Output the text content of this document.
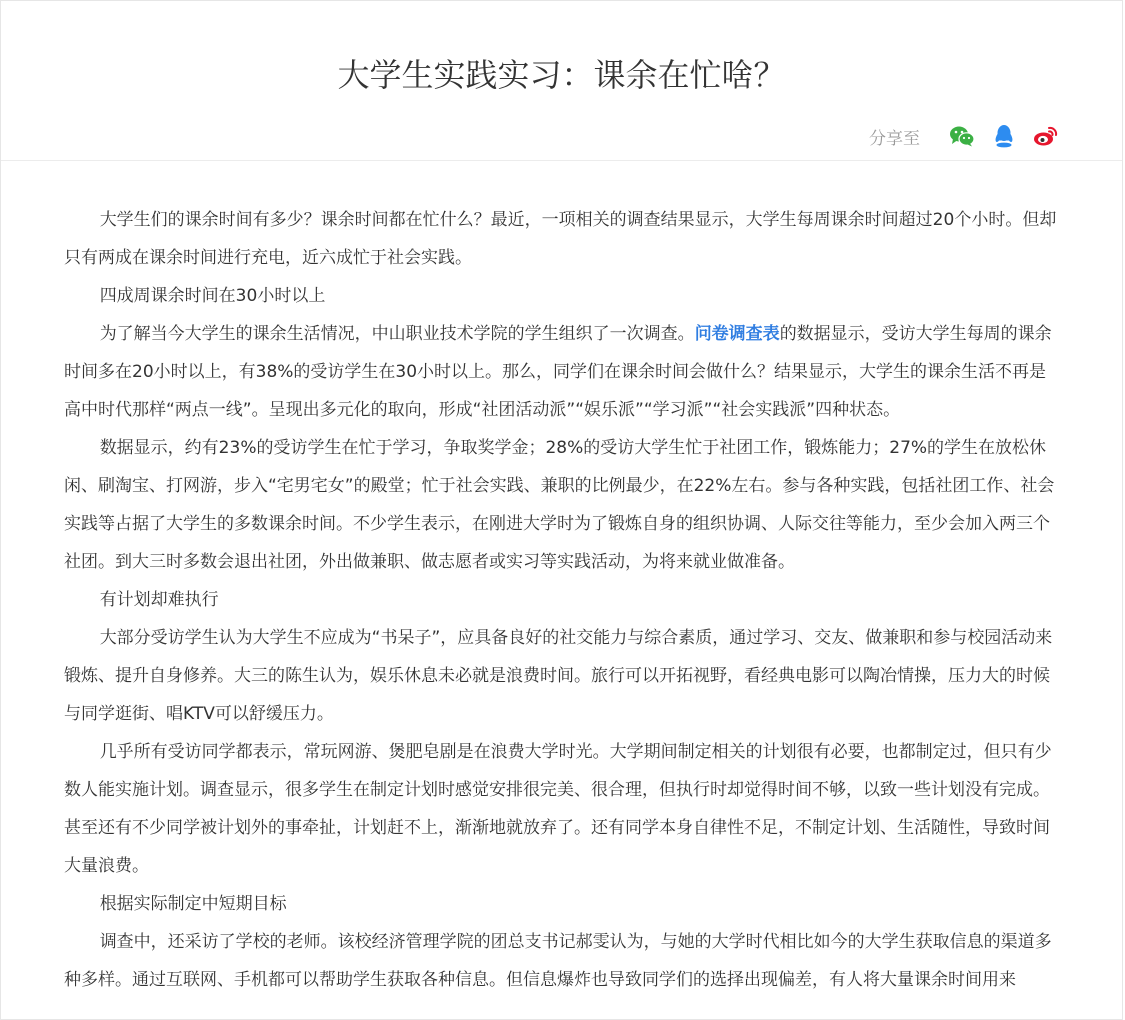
大学生实践实习：课余在忙啥？
分享至

大学生们的课余时间有多少？课余时间都在忙什么？最近，一项相关的调查结果显示，大学生每周课余时间超过20个小时。但却只有两成在课余时间进行充电，近六成忙于社会实践。

四成周课余时间在30小时以上

为了解当今大学生的课余生活情况，中山职业技术学院的学生组织了一次调查。问卷调查表的数据显示，受访大学生每周的课余时间多在20小时以上，有38%的受访学生在30小时以上。那么，同学们在课余时间会做什么？结果显示，大学生的课余生活不再是高中时代那样“两点一线”。呈现出多元化的取向，形成“社团活动派”“娱乐派”“学习派”“社会实践派”四种状态。

数据显示，约有23%的受访学生在忙于学习，争取奖学金；28%的受访大学生忙于社团工作，锻炼能力；27%的学生在放松休闲、刷淘宝、打网游，步入“宅男宅女”的殿堂；忙于社会实践、兼职的比例最少，在22%左右。参与各种实践，包括社团工作、社会实践等占据了大学生的多数课余时间。不少学生表示，在刚进大学时为了锻炼自身的组织协调、人际交往等能力，至少会加入两三个社团。到大三时多数会退出社团，外出做兼职、做志愿者或实习等实践活动，为将来就业做准备。

有计划却难执行

大部分受访学生认为大学生不应成为“书呆子”，应具备良好的社交能力与综合素质，通过学习、交友、做兼职和参与校园活动来锻炼、提升自身修养。大三的陈生认为，娱乐休息未必就是浪费时间。旅行可以开拓视野，看经典电影可以陶冶情操，压力大的时候与同学逛街、唱KTV可以舒缓压力。

几乎所有受访同学都表示，常玩网游、煲肥皂剧是在浪费大学时光。大学期间制定相关的计划很有必要，也都制定过，但只有少数人能实施计划。调查显示，很多学生在制定计划时感觉安排很完美、很合理，但执行时却觉得时间不够，以致一些计划没有完成。甚至还有不少同学被计划外的事牵扯，计划赶不上，渐渐地就放弃了。还有同学本身自律性不足，不制定计划、生活随性，导致时间大量浪费。

根据实际制定中短期目标

调查中，还采访了学校的老师。该校经济管理学院的团总支书记郝雯认为，与她的大学时代相比如今的大学生获取信息的渠道多种多样。通过互联网、手机都可以帮助学生获取各种信息。但信息爆炸也导致同学们的选择出现偏差，有人将大量课余时间用来
